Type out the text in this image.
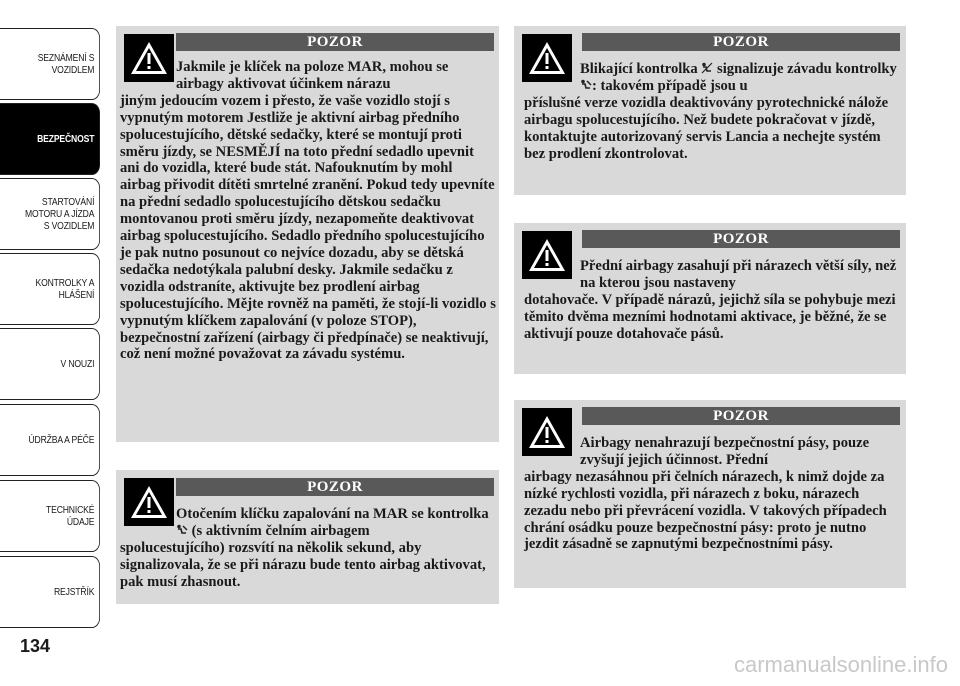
SEZNÁMENÍ S
VOZIDLEM
BEZPEČNOST
STARTOVÁNÍ
MOTORU A JÍZDA
S VOZIDLEM
KONTROLKY A
HLÁŠENÍ
V NOUZI
ÚDRŽBA A PÉČE
TECHNICKÉ
ÚDAJE
REJSTŘÍK
134
POZOR
Jakmile je klíček na poloze MAR, mohou se airbagy aktivovat účinkem nárazu
jiným jedoucím vozem i přesto, že vaše vozidlo stojí s vypnutým motorem Jestliže je aktivní airbag předního spolucestujícího, dětské sedačky, které se montují proti směru jízdy, se NESMĚJÍ na toto přední sedadlo upevnit ani do vozidla, které bude stát. Nafouknutím by mohl airbag přivodit dítěti smrtelné zranění. Pokud tedy upevníte na přední sedadlo spolucestujícího dětskou sedačku montovanou proti směru jízdy, nezapomeňte deaktivovat airbag spolucestujícího. Sedadlo předního spolucestujícího je pak nutno posunout co nejvíce dozadu, aby se dětská sedačka nedotýkala palubní desky. Jakmile sedačku z vozidla odstraníte, aktivujte bez prodlení airbag spolucestujícího. Mějte rovněž na paměti, že stojí-li vozidlo s vypnutým klíčkem zapalování (v poloze STOP), bezpečnostní zařízení (airbagy či předpínače) se neaktivují, což není možné považovat za závadu systému.
POZOR
Otočením klíčku zapalování na MAR se kontrolka  (s aktivním čelním airbagem
spolucestujícího) rozsvítí na několik sekund, aby signalizovala, že se při nárazu bude tento airbag aktivovat, pak musí zhasnout.
POZOR
Blikající kontrolka signalizuje závadu kontrolky : takovém případě jsou u
příslušné verze vozidla deaktivovány pyrotechnické nálože airbagu spolucestujícího. Než budete pokračovat v jízdě, kontaktujte autorizovaný servis Lancia a nechejte systém bez prodlení zkontrolovat.
POZOR
Přední airbagy zasahují při nárazech větší síly, než na kterou jsou nastaveny
dotahovače. V případě nárazů, jejichž síla se pohybuje mezi těmito dvěma mezními hodnotami aktivace, je běžné, že se aktivují pouze dotahovače pásů.
POZOR
Airbagy nenahrazují bezpečnostní pásy, pouze zvyšují jejich účinnost. Přední
airbagy nezasáhnou při čelních nárazech, k nimž dojde za nízké rychlosti vozidla, při nárazech z boku, nárazech zezadu nebo při převrácení vozidla. V takových případech chrání osádku pouze bezpečnostní pásy: proto je nutno jezdit zásadně se zapnutými bezpečnostními pásy.
carmanualsonline.info
